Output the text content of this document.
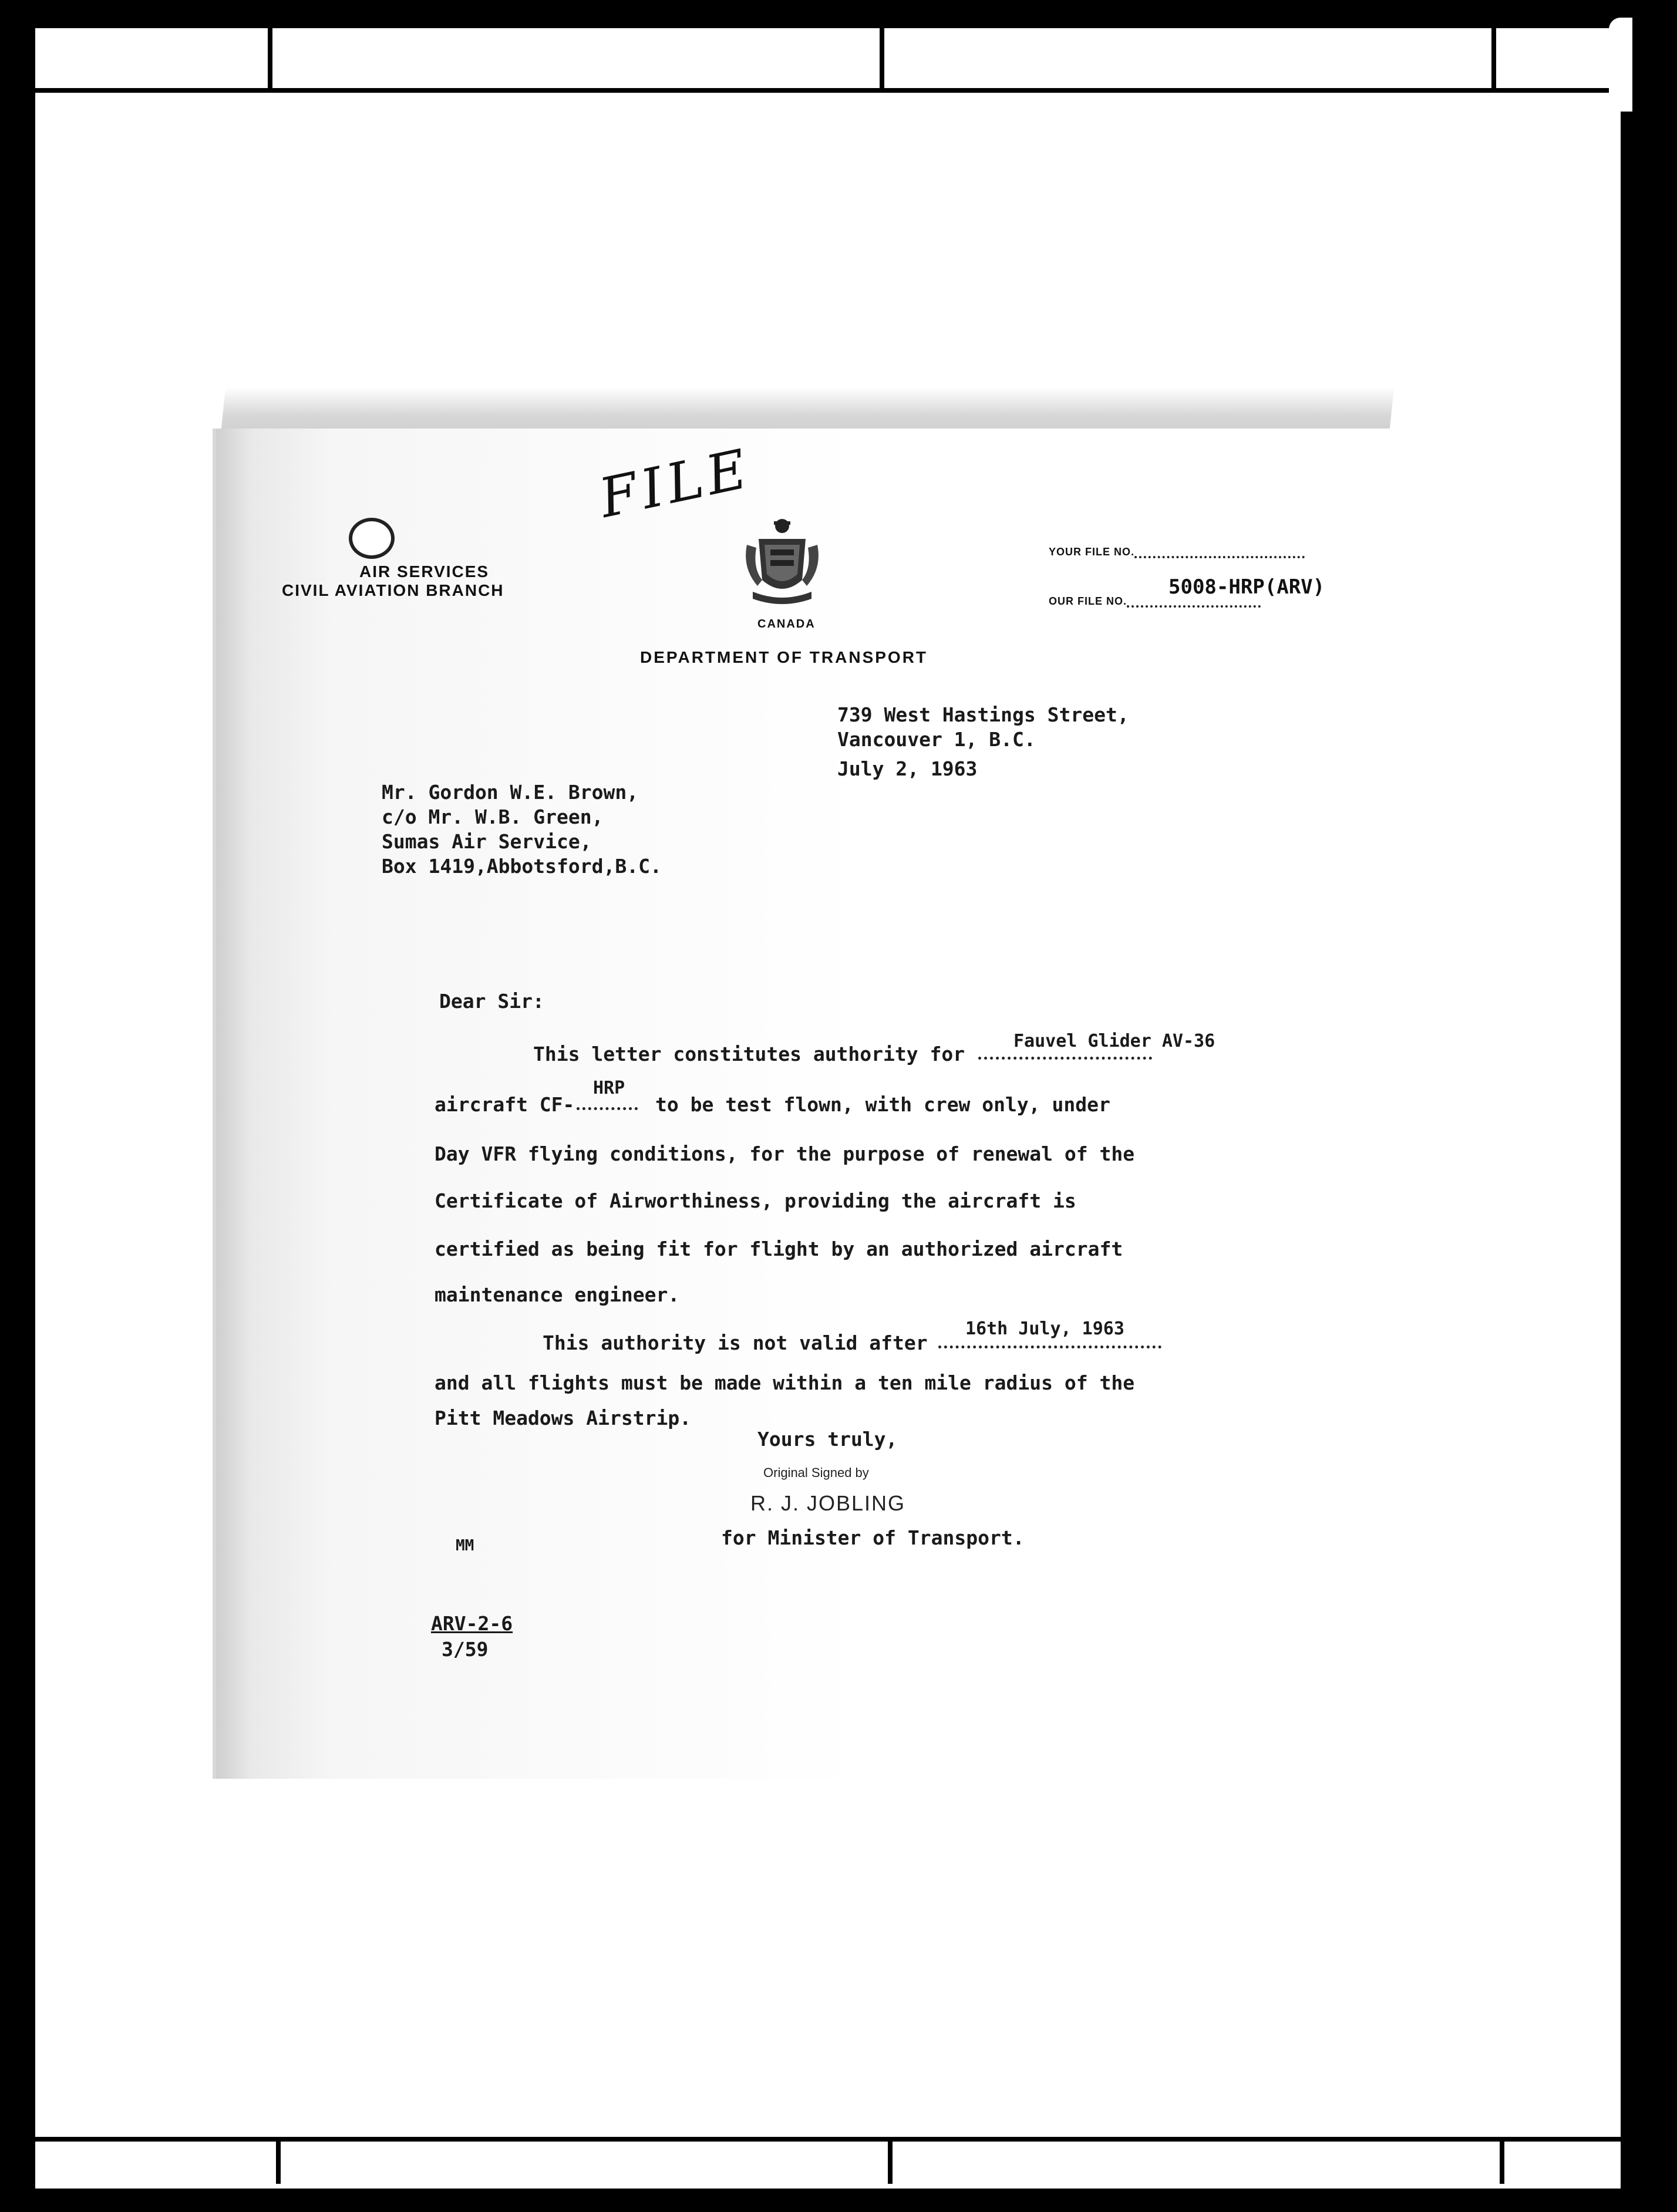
FILE
AIR SERVICES
CIVIL AVIATION BRANCH
CANADA
DEPARTMENT OF TRANSPORT
YOUR FILE NO.
OUR FILE NO.
5008-HRP(ARV)
739 West Hastings Street,
Vancouver 1, B.C.
July 2, 1963
Mr. Gordon W.E. Brown,
c/o Mr. W.B. Green,
Sumas Air Service,
Box 1419,Abbotsford,B.C.
Dear Sir:
This letter constitutes authority for
Fauvel Glider AV-36
aircraft CF-
HRP
to be test flown, with crew only, under
Day VFR flying conditions, for the purpose of renewal of the
Certificate of Airworthiness, providing the aircraft is
certified as being fit for flight by an authorized aircraft
maintenance engineer.
This authority is not valid after
16th July, 1963
and all flights must be made within a ten mile radius of the
Pitt Meadows Airstrip.
Yours truly,
Original Signed by
R. J. JOBLING
for Minister of Transport.
MM
ARV-2-6
3/59
